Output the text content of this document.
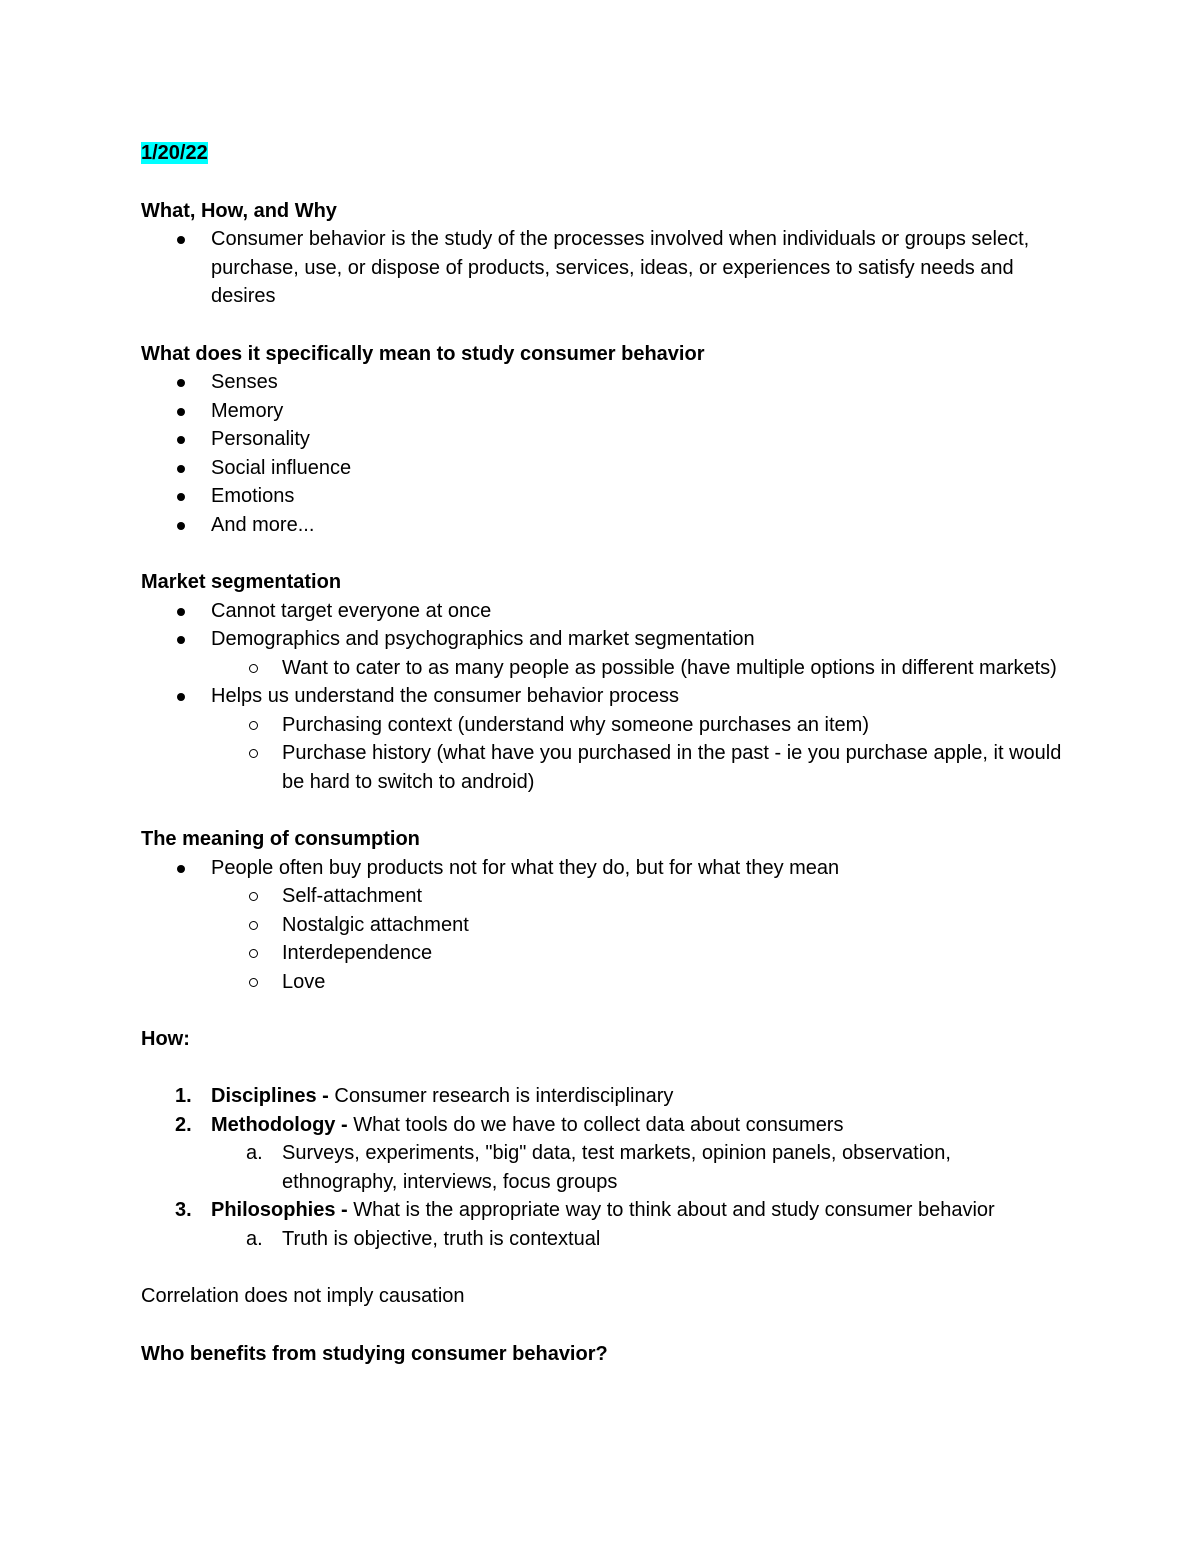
1/20/22

What, How, and Why
Consumer behavior is the study of the processes involved when individuals or groups select, purchase, use, or dispose of products, services, ideas, or experiences to satisfy needs and desires
What does it specifically mean to study consumer behavior
Senses
Memory
Personality
Social influence
Emotions
And more...
Market segmentation
Cannot target everyone at once
Demographics and psychographics and market segmentation
Want to cater to as many people as possible (have multiple options in different markets)
Helps us understand the consumer behavior process
Purchasing context (understand why someone purchases an item)
Purchase history (what have you purchased in the past - ie you purchase apple, it would be hard to switch to android)
The meaning of consumption
People often buy products not for what they do, but for what they mean
Self-attachment
Nostalgic attachment
Interdependence
Love
How:
1. Disciplines - Consumer research is interdisciplinary
2. Methodology - What tools do we have to collect data about consumers
a. Surveys, experiments, "big" data, test markets, opinion panels, observation, ethnography, interviews, focus groups
3. Philosophies - What is the appropriate way to think about and study consumer behavior
a. Truth is objective, truth is contextual

Correlation does not imply causation

Who benefits from studying consumer behavior?
